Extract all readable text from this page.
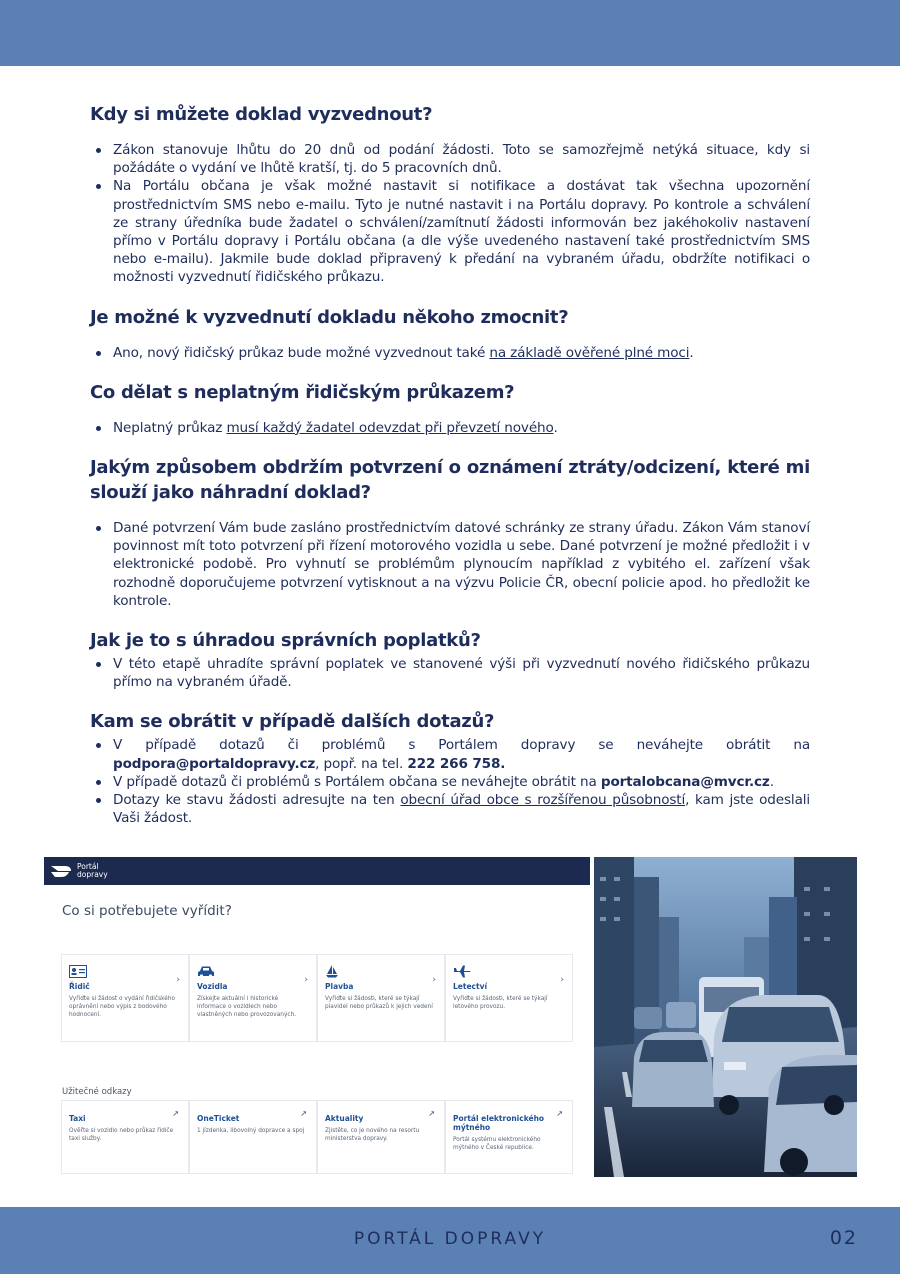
Kdy si můžete doklad vyzvednout?
Zákon stanovuje lhůtu do 20 dnů od podání žádosti. Toto se samozřejmě netýká situace, kdy si požádáte o vydání ve lhůtě kratší, tj. do 5 pracovních dnů.
Na Portálu občana je však možné nastavit si notifikace a dostávat tak všechna upozornění prostřednictvím SMS nebo e-mailu. Tyto je nutné nastavit i na Portálu dopravy. Po kontrole a schválení ze strany úředníka bude žadatel o schválení/zamítnutí žádosti informován bez jakéhokoliv nastavení přímo v Portálu dopravy i Portálu občana (a dle výše uvedeného nastavení také prostřednictvím SMS nebo e-mailu). Jakmile bude doklad připravený k předání na vybraném úřadu, obdržíte notifikaci o možnosti vyzvednutí řidičského průkazu.
Je možné k vyzvednutí dokladu někoho zmocnit?
Ano, nový řidičský průkaz bude možné vyzvednout také na základě ověřené plné moci.
Co dělat s neplatným řidičským průkazem?
Neplatný průkaz musí každý žadatel odevzdat při převzetí nového.
Jakým způsobem obdržím potvrzení o oznámení ztráty/odcizení, které mi slouží jako náhradní doklad?
Dané potvrzení Vám bude zasláno prostřednictvím datové schránky ze strany úřadu. Zákon Vám stanoví povinnost mít toto potvrzení při řízení motorového vozidla u sebe. Dané potvrzení je možné předložit i v elektronické podobě. Pro vyhnutí se problémům plynoucím například z vybitého el. zařízení však rozhodně doporučujeme potvrzení vytisknout a na výzvu Policie ČR, obecní policie apod. ho předložit ke kontrole.
Jak je to s úhradou správních poplatků?
V této etapě uhradíte správní poplatek ve stanovené výši při vyzvednutí nového řidičského průkazu přímo na vybraném úřadě.
Kam se obrátit v případě dalších dotazů?
V případě dotazů či problémů s Portálem dopravy se neváhejte obrátit na podpora@portaldopravy.cz, popř. na tel. 222 266 758.
V případě dotazů či problémů s Portálem občana se neváhejte obrátit na portalobcana@mvcr.cz.
Dotazy ke stavu žádosti adresujte na ten obecní úřad obce s rozšířenou působností, kam jste odeslali Vaši žádost.
Portál
dopravy
Co si potřebujete vyřídit?
Řidič
Vyřiďte si žádost o vydání řidičského oprávnění nebo výpis z bodového hodnocení.
›
Vozidla
Získejte aktuální i historické informace o vozidlech nebo vlastněných nebo provozovaných.
›
Plavba
Vyřiďte si žádosti, které se týkají plavidel nebo průkazů k jejich vedení
›
Letectví
Vyřiďte si žádosti, které se týkají letového provozu.
›
Užitečné odkazy
Taxi
Ověřte si vozidlo nebo průkaz řidiče taxi služby.
↗
OneTicket
1 jízdenka, libovolný dopravce a spoj
↗
Aktuality
Zjistěte, co je nového na resortu ministerstva dopravy.
↗
Portál elektronického mýtného
Portál systému elektronického mýtného v České republice.
↗
PORTÁL DOPRAVY	02
